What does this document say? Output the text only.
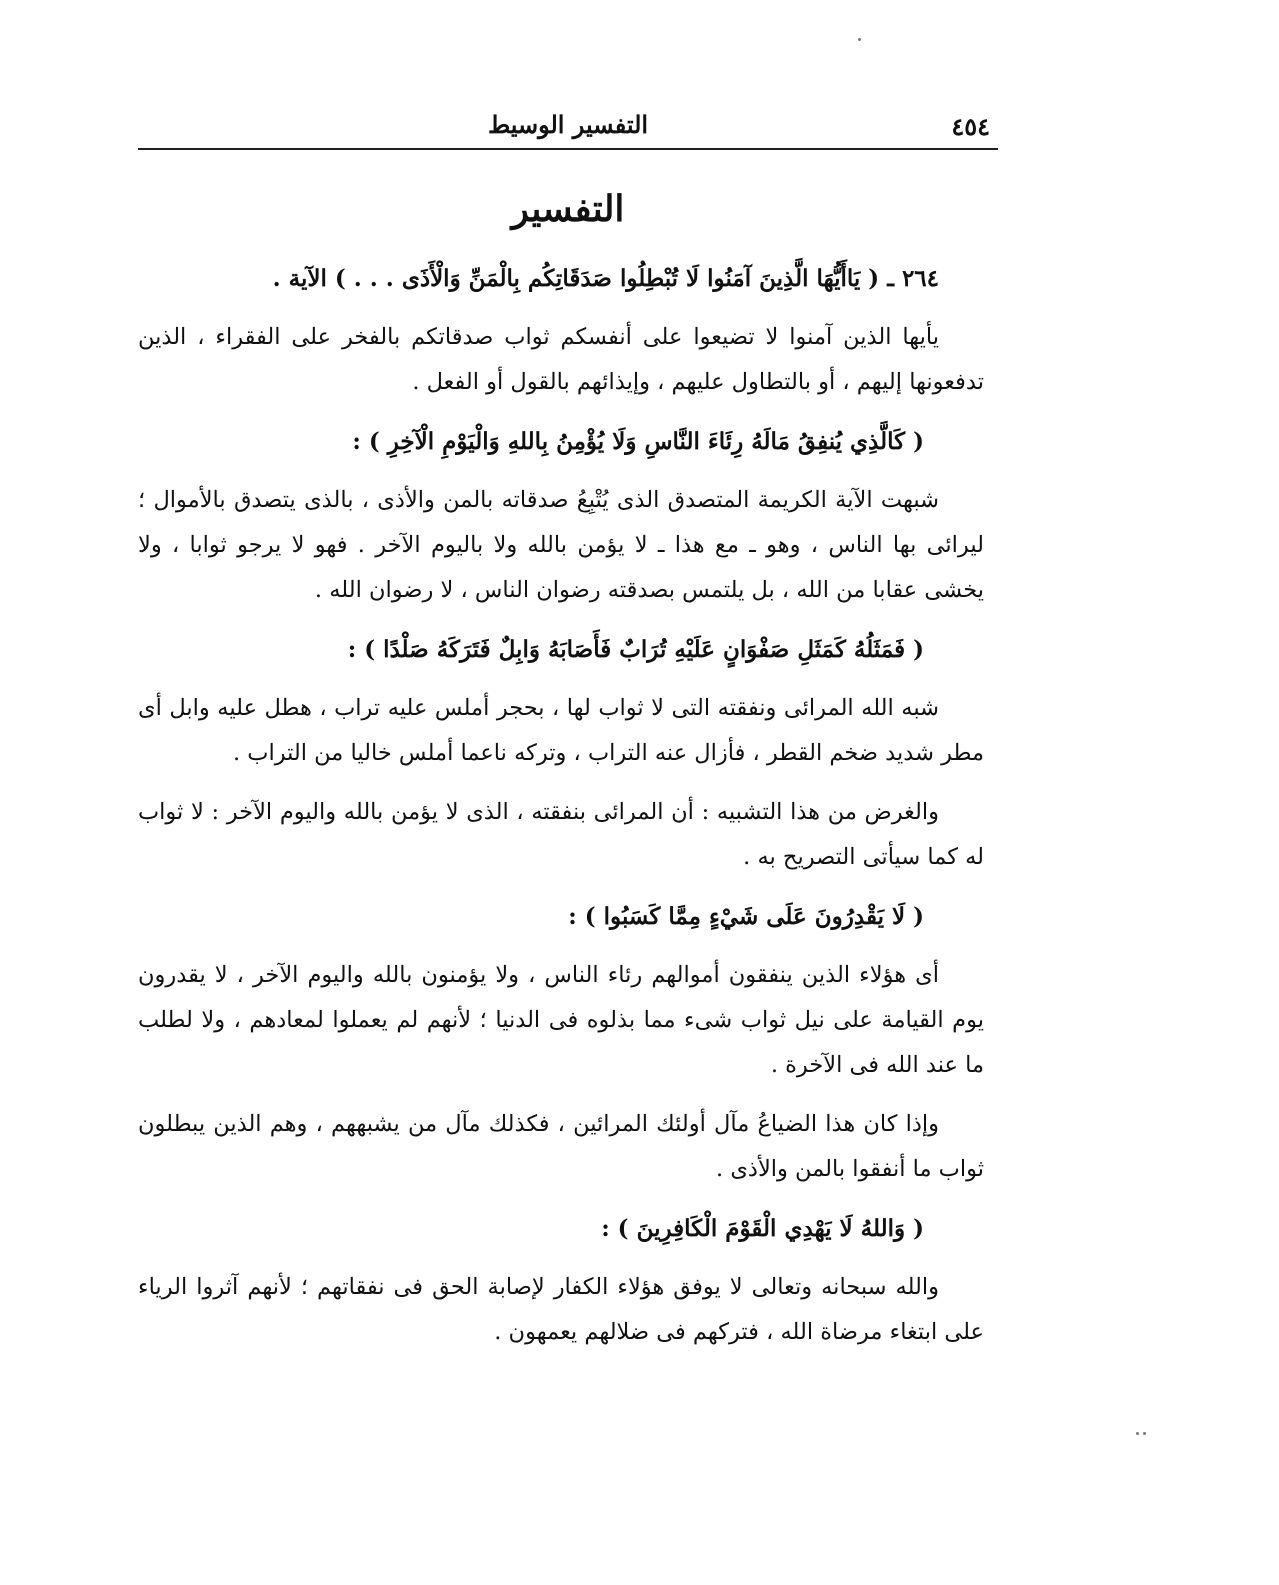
٤٥٤
التفسير الوسيط
التفسير

٢٦٤ ـ ( يَاأَيُّهَا الَّذِينَ آمَنُوا لَا تُبْطِلُوا صَدَقَاتِكُم بِالْمَنِّ وَالْأَذَى . . . ) الآية .

يأيها الذين آمنوا لا تضيعوا على أنفسكم ثواب صدقاتكم بالفخر على الفقراء ، الذين تدفعونها إليهم ، أو بالتطاول عليهم ، وإيذائهم بالقول أو الفعل .

( كَالَّذِي يُنفِقُ مَالَهُ رِئَاءَ النَّاسِ وَلَا يُؤْمِنُ بِاللهِ وَالْيَوْمِ الْآخِرِ ) :

شبهت الآية الكريمة المتصدق الذى يُتْبِعُ صدقاته بالمن والأذى ، بالذى يتصدق بالأموال ؛ ليرائى بها الناس ، وهو ـ مع هذا ـ لا يؤمن بالله ولا باليوم الآخر . فهو لا يرجو ثوابا ، ولا يخشى عقابا من الله ، بل يلتمس بصدقته رضوان الناس ، لا رضوان الله .

( فَمَثَلُهُ كَمَثَلِ صَفْوَانٍ عَلَيْهِ تُرَابٌ فَأَصَابَهُ وَابِلٌ فَتَرَكَهُ صَلْدًا ) :

شبه الله المرائى ونفقته التى لا ثواب لها ، بحجر أملس عليه تراب ، هطل عليه وابل أى مطر شديد ضخم القطر ، فأزال عنه التراب ، وتركه ناعما أملس خاليا من التراب .

والغرض من هذا التشبيه : أن المرائى بنفقته ، الذى لا يؤمن بالله واليوم الآخر : لا ثواب له كما سيأتى التصريح به .

( لَا يَقْدِرُونَ عَلَى شَيْءٍ مِمَّا كَسَبُوا ) :

أى هؤلاء الذين ينفقون أموالهم رئاء الناس ، ولا يؤمنون بالله واليوم الآخر ، لا يقدرون يوم القيامة على نيل ثواب شىء مما بذلوه فى الدنيا ؛ لأنهم لم يعملوا لمعادهم ، ولا لطلب ما عند الله فى الآخرة .

وإذا كان هذا الضياعُ مآل أولئك المرائين ، فكذلك مآل من يشبههم ، وهم الذين يبطلون ثواب ما أنفقوا بالمن والأذى .

( وَاللهُ لَا يَهْدِي الْقَوْمَ الْكَافِرِينَ ) :

والله سبحانه وتعالى لا يوفق هؤلاء الكفار لإصابة الحق فى نفقاتهم ؛ لأنهم آثروا الرياء على ابتغاء مرضاة الله ، فتركهم فى ضلالهم يعمهون .
